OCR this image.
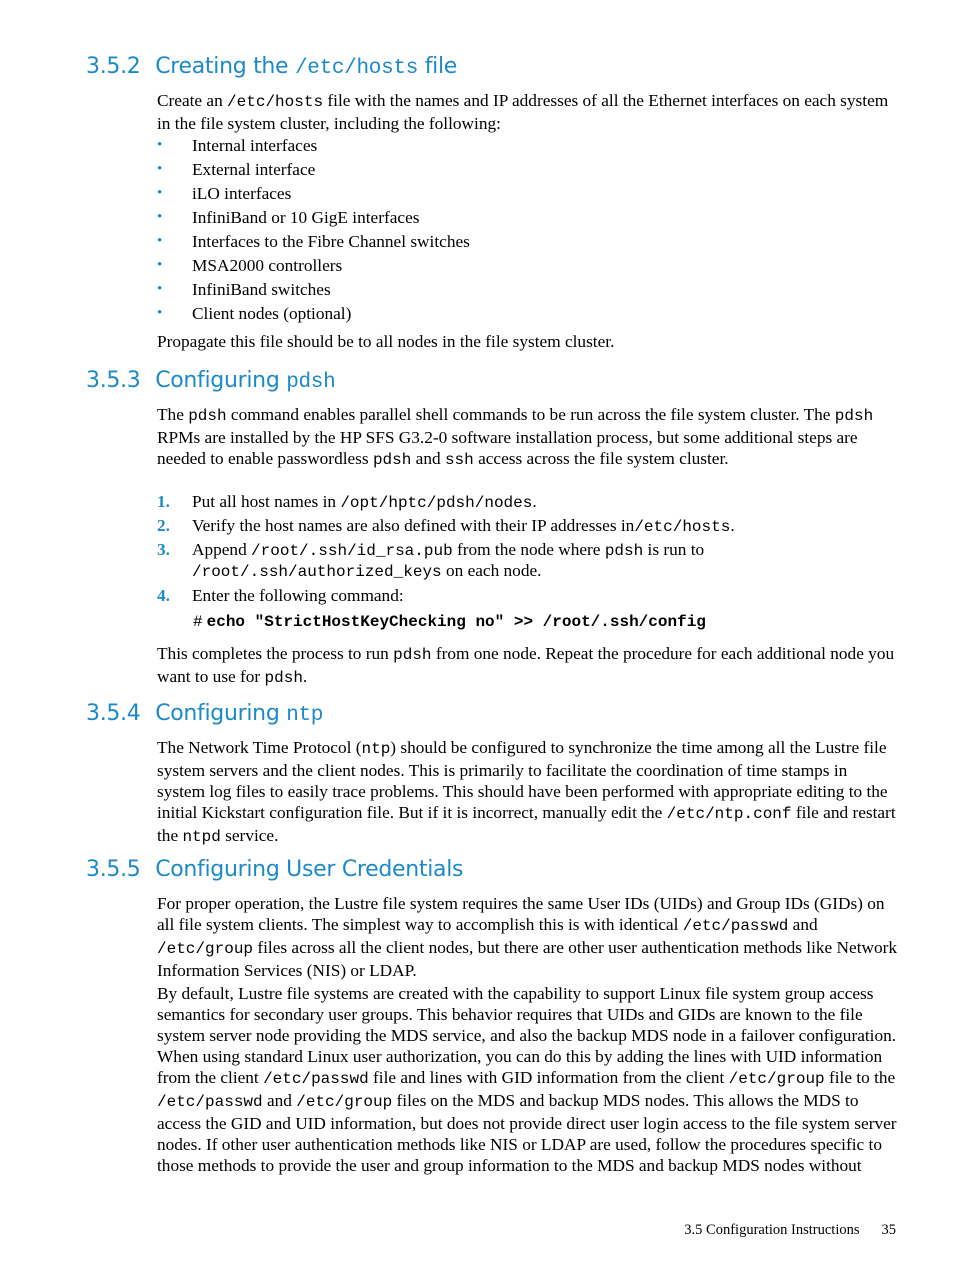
3.5.2 Creating the /etc/hosts file

Create an /etc/hosts file with the names and IP addresses of all the Ethernet interfaces on each system in the file system cluster, including the following:

• Internal interfaces
• External interface
• iLO interfaces
• InfiniBand or 10 GigE interfaces
• Interfaces to the Fibre Channel switches
• MSA2000 controllers
• InfiniBand switches
• Client nodes (optional)

Propagate this file should be to all nodes in the file system cluster.

3.5.3 Configuring pdsh

The pdsh command enables parallel shell commands to be run across the file system cluster. The pdsh RPMs are installed by the HP SFS G3.2-0 software installation process, but some additional steps are needed to enable passwordless pdsh and ssh access across the file system cluster.

1. Put all host names in /opt/hptc/pdsh/nodes.
2. Verify the host names are also defined with their IP addresses in/etc/hosts.
3. Append /root/.ssh/id_rsa.pub from the node where pdsh is run to
/root/.ssh/authorized_keys on each node.
4. Enter the following command:
# echo "StrictHostKeyChecking no" >> /root/.ssh/config

This completes the process to run pdsh from one node. Repeat the procedure for each additional node you want to use for pdsh.

3.5.4 Configuring ntp

The Network Time Protocol (ntp) should be configured to synchronize the time among all the Lustre file system servers and the client nodes. This is primarily to facilitate the coordination of time stamps in system log files to easily trace problems. This should have been performed with appropriate editing to the initial Kickstart configuration file. But if it is incorrect, manually edit the /etc/ntp.conf file and restart the ntpd service.

3.5.5 Configuring User Credentials

For proper operation, the Lustre file system requires the same User IDs (UIDs) and Group IDs (GIDs) on all file system clients. The simplest way to accomplish this is with identical /etc/passwd and /etc/group files across all the client nodes, but there are other user authentication methods like Network Information Services (NIS) or LDAP.

By default, Lustre file systems are created with the capability to support Linux file system group access semantics for secondary user groups. This behavior requires that UIDs and GIDs are known to the file system server node providing the MDS service, and also the backup MDS node in a failover configuration. When using standard Linux user authorization, you can do this by adding the lines with UID information from the client /etc/passwd file and lines with GID information from the client /etc/group file to the /etc/passwd and /etc/group files on the MDS and backup MDS nodes. This allows the MDS to access the GID and UID information, but does not provide direct user login access to the file system server nodes. If other user authentication methods like NIS or LDAP are used, follow the procedures specific to those methods to provide the user and group information to the MDS and backup MDS nodes without

3.5 Configuration Instructions 35
